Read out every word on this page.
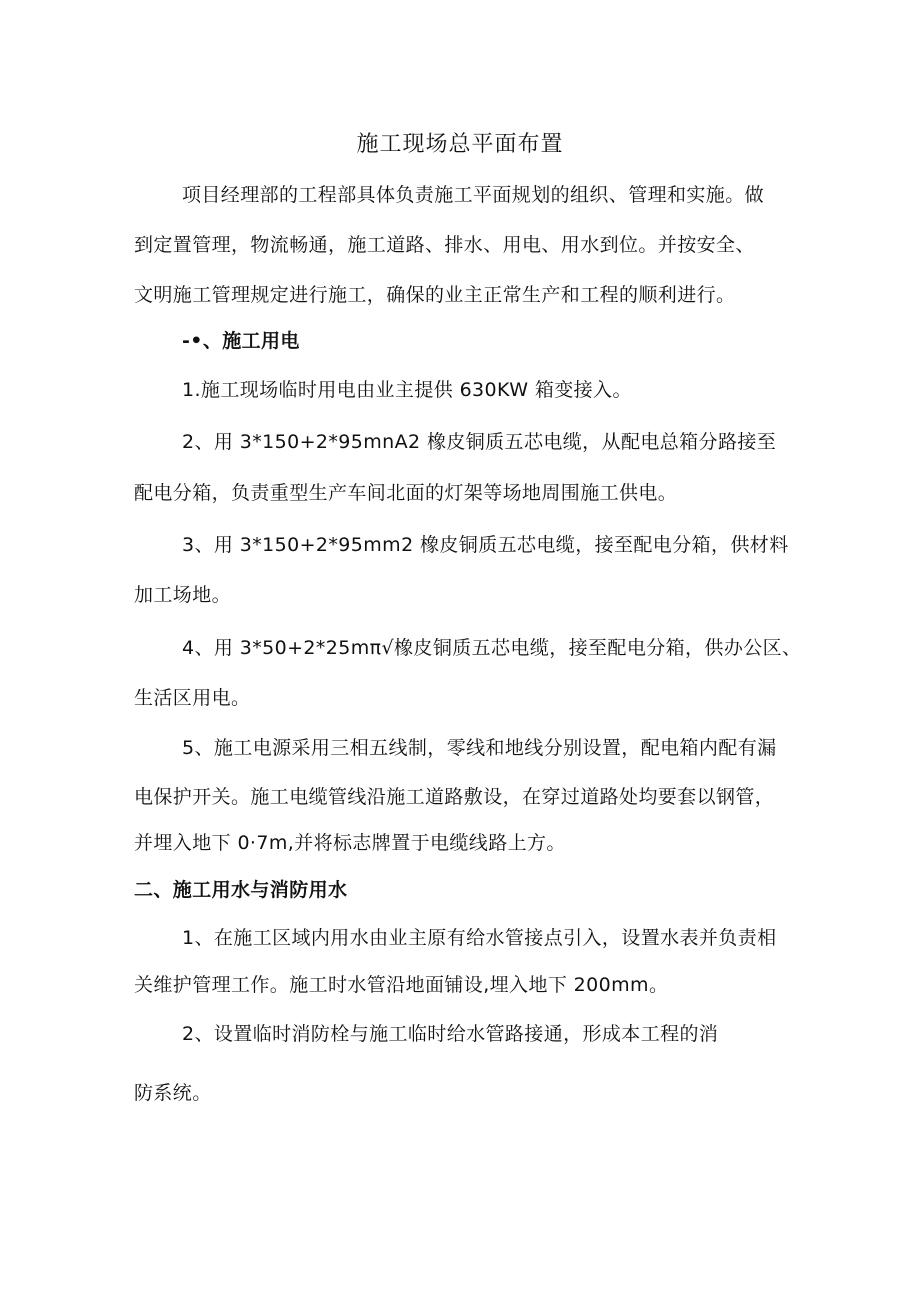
施工现场总平面布置
项目经理部的工程部具体负责施工平面规划的组织、管理和实施。做
到定置管理，物流畅通，施工道路、排水、用电、用水到位。并按安全、
文明施工管理规定进行施工，确保的业主正常生产和工程的顺利进行。
-•、施工用电
1.施工现场临时用电由业主提供 630KW 箱变接入。
2、用 3*150+2*95mnA2 橡皮铜质五芯电缆，从配电总箱分路接至
配电分箱，负责重型生产车间北面的灯架等场地周围施工供电。
3、用 3*150+2*95mm2 橡皮铜质五芯电缆，接至配电分箱，供材料
加工场地。
4、用 3*50+2*25mπ√橡皮铜质五芯电缆，接至配电分箱，供办公区、
生活区用电。
5、施工电源采用三相五线制，零线和地线分别设置，配电箱内配有漏
电保护开关。施工电缆管线沿施工道路敷设，在穿过道路处均要套以钢管，
并埋入地下 0·7m,并将标志牌置于电缆线路上方。
二、施工用水与消防用水
1、在施工区域内用水由业主原有给水管接点引入，设置水表并负责相
关维护管理工作。施工时水管沿地面铺设,埋入地下 200mm。
2、设置临时消防栓与施工临时给水管路接通，形成本工程的消
防系统。
